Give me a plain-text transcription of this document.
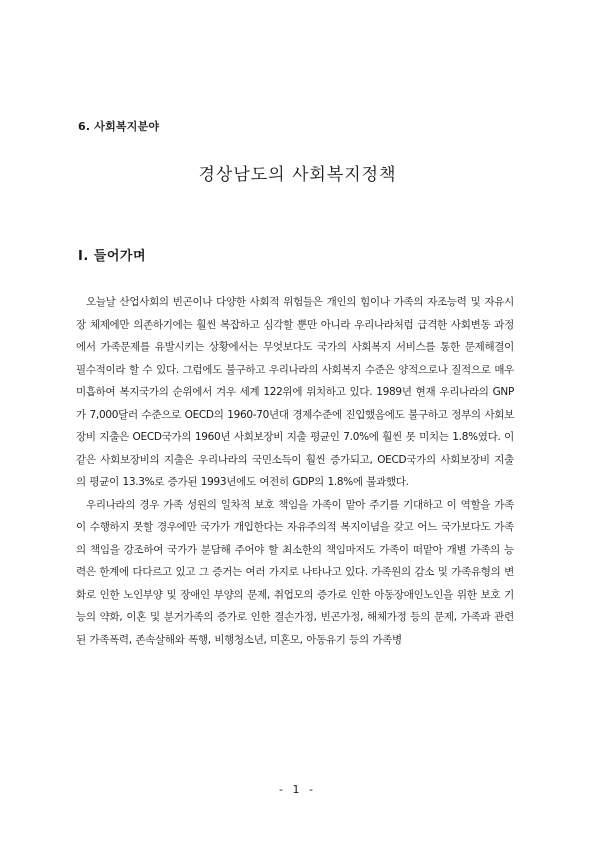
6. 사회복지분야
경상남도의 사회복지정책
Ⅰ. 들어가며

오늘날 산업사회의 빈곤이나 다양한 사회적 위험들은 개인의 힘이나 가족의 자조능력 및 자유시장 체제에만 의존하기에는 훨씬 복잡하고 심각할 뿐만 아니라 우리나라처럼 급격한 사회변동 과정에서 가족문제를 유발시키는 상황에서는 무엇보다도 국가의 사회복지 서비스를 통한 문제해결이 필수적이라 할 수 있다. 그럼에도 불구하고 우리나라의 사회복지 수준은 양적으로나 질적으로 매우 미흡하여 복지국가의 순위에서 겨우 세계 122위에 위치하고 있다. 1989년 현재 우리나라의 GNP가 7,000달러 수준으로 OECD의 1960-70년대 경제수준에 진입했음에도 불구하고 정부의 사회보장비 지출은 OECD국가의 1960년 사회보장비 지출 평균인 7.0%에 훨씬 못 미치는 1.8%였다. 이 같은 사회보장비의 지출은 우리나라의 국민소득이 훨씬 증가되고, OECD국가의 사회보장비 지출의 평균이 13.3%로 증가된 1993년에도 여전히 GDP의 1.8%에 불과했다.

우리나라의 경우 가족 성원의 일차적 보호 책임을 가족이 맡아 주기를 기대하고 이 역할을 가족이 수행하지 못할 경우에만 국가가 개입한다는 자유주의적 복지이념을 갖고 어느 국가보다도 가족의 책임을 강조하여 국가가 분담해 주어야 할 최소한의 책임마저도 가족이 떠맡아 개별 가족의 능력은 한계에 다다르고 있고 그 증거는 여러 가지로 나타나고 있다. 가족원의 감소 및 가족유형의 변화로 인한 노인부양 및 장애인 부양의 문제, 취업모의 증가로 인한 아동장애인노인을 위한 보호 기능의 약화, 이혼 및 분거가족의 증가로 인한 결손가정, 빈곤가정, 해체가정 등의 문제, 가족과 관련된 가족폭력, 존속살해와 폭행, 비행청소년, 미혼모, 아동유기 등의 가족병

- 1 -
